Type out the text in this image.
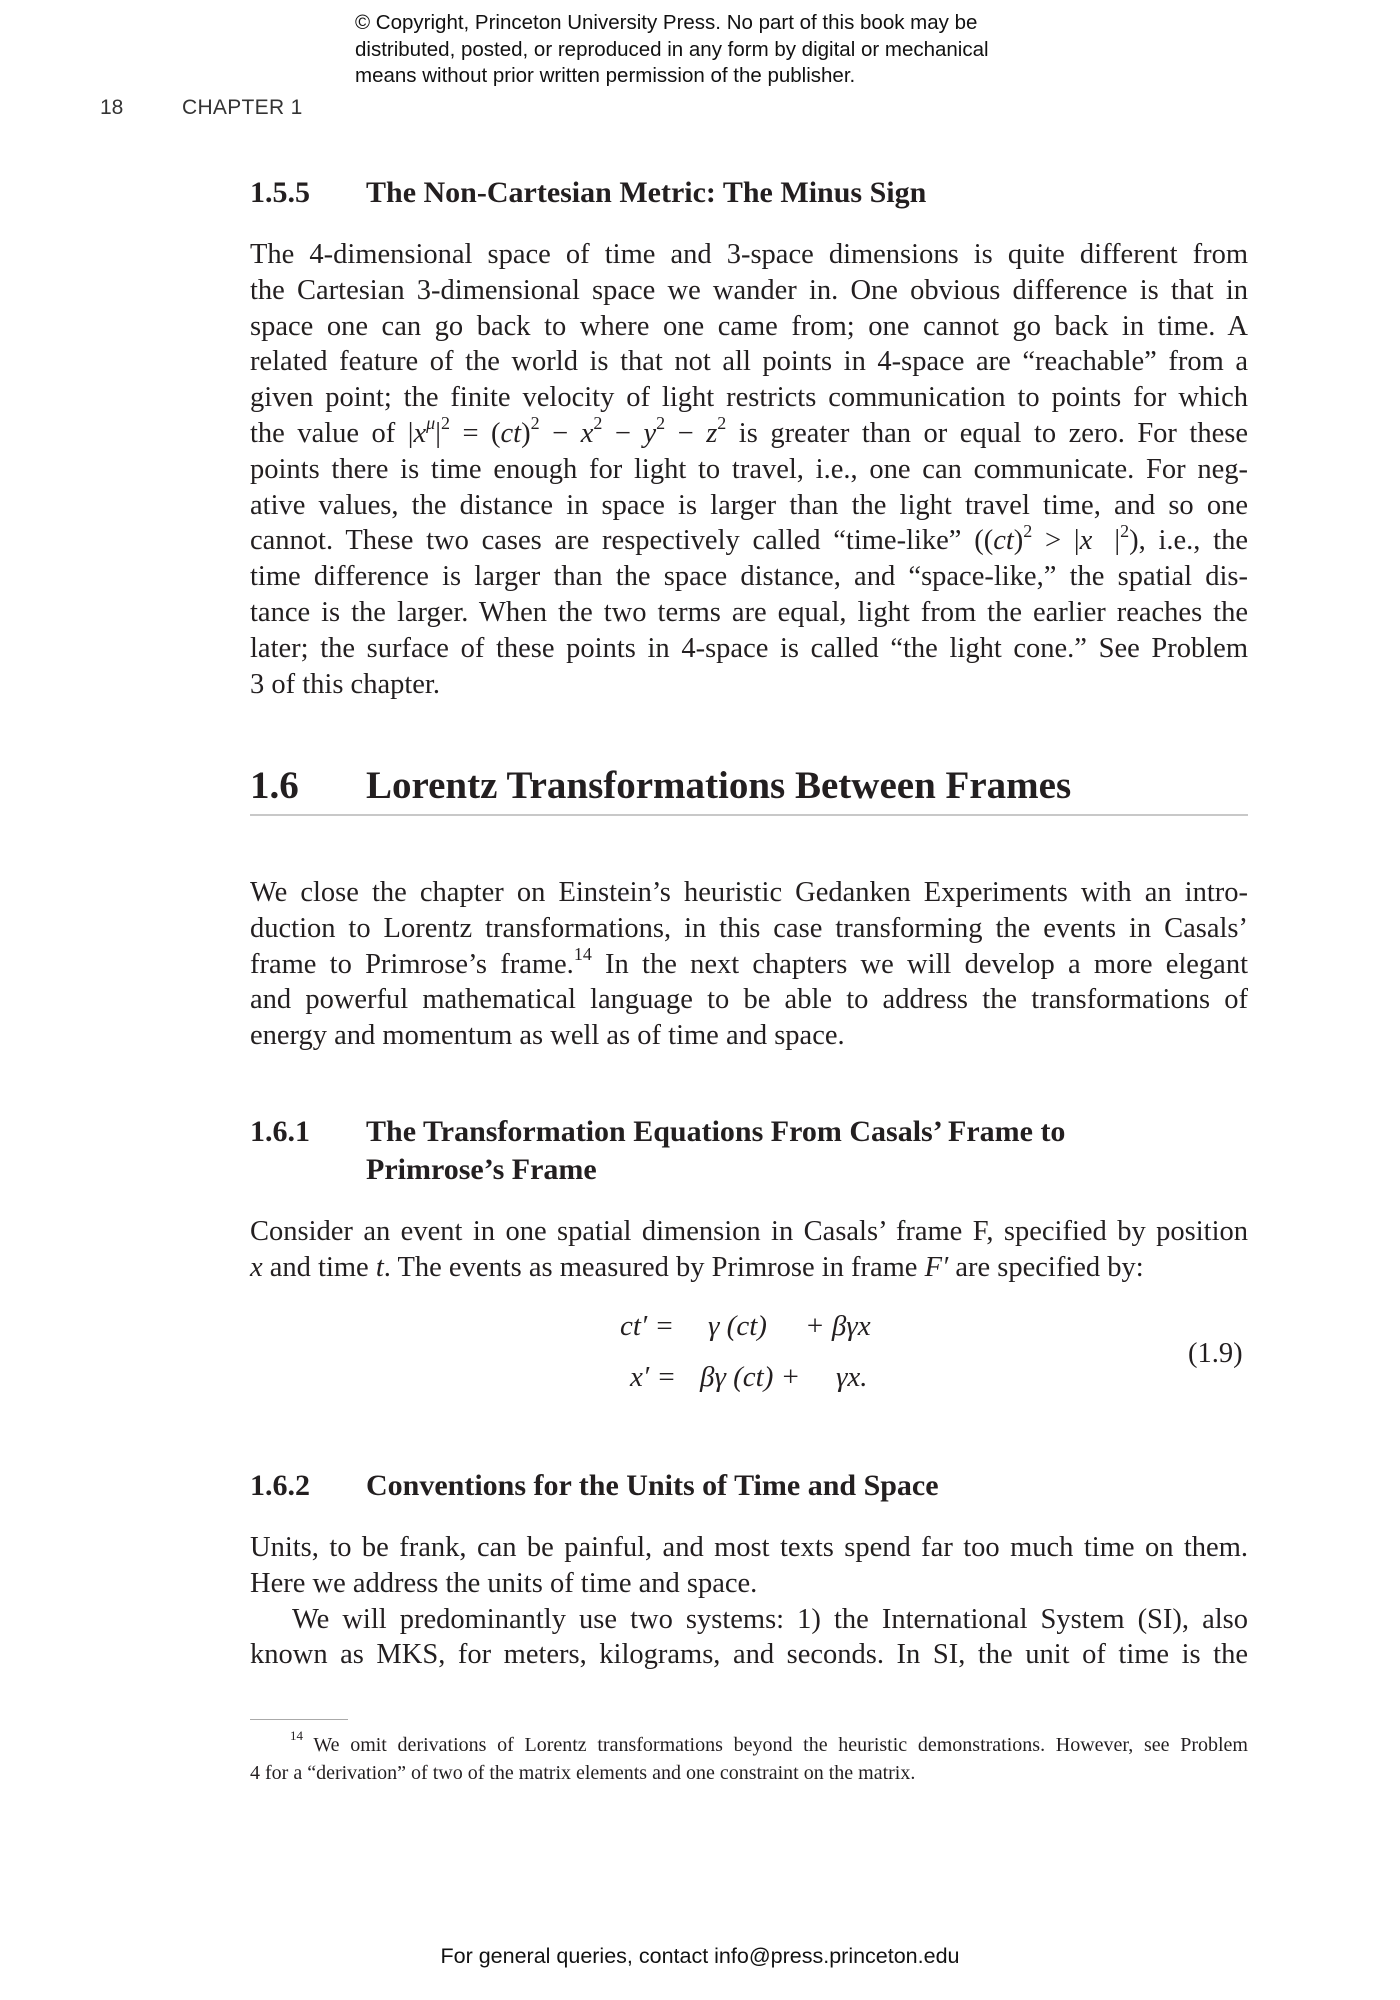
© Copyright, Princeton University Press. No part of this book may be
distributed, posted, or reproduced in any form by digital or mechanical
means without prior written permission of the publisher.
18	CHAPTER 1
1.5.5 The Non-Cartesian Metric: The Minus Sign
The 4-dimensional space of time and 3-space dimensions is quite different from
the Cartesian 3-dimensional space we wander in. One obvious difference is that in
space one can go back to where one came from; one cannot go back in time. A
related feature of the world is that not all points in 4-space are “reachable” from a
given point; the finite velocity of light restricts communication to points for which
the value of $|x^\mu|^2 = (ct)^2 - x^2 - y^2 - z^2$ is greater than or equal to zero. For these
points there is time enough for light to travel, i.e., one can communicate. For neg-
ative values, the distance in space is larger than the light travel time, and so one
cannot. These two cases are respectively called “time-like” $((ct)^2 > |x⃗|^2)$, i.e., the
time difference is larger than the space distance, and “space-like,” the spatial dis-
tance is the larger. When the two terms are equal, light from the earlier reaches the
later; the surface of these points in 4-space is called “the light cone.” See Problem
3 of this chapter.
1.6 Lorentz Transformations Between Frames
We close the chapter on Einstein’s heuristic Gedanken Experiments with an intro-
duction to Lorentz transformations, in this case transforming the events in Casals’
frame to Primrose’s frame.$^{14}$ In the next chapters we will develop a more elegant
and powerful mathematical language to be able to address the transformations of
energy and momentum as well as of time and space.
1.6.1 The Transformation Equations From Casals’ Frame to
Primrose’s Frame
Consider an event in one spatial dimension in Casals’ frame F, specified by position
x and time t. The events as measured by Primrose in frame F′ are specified by:
ct′ = γ (ct) + βγx
x′ = βγ (ct) + γx.
(1.9)
1.6.2 Conventions for the Units of Time and Space
Units, to be frank, can be painful, and most texts spend far too much time on them.
Here we address the units of time and space.
We will predominantly use two systems: 1) the International System (SI), also
known as MKS, for meters, kilograms, and seconds. In SI, the unit of time is the
$^{14}$ We omit derivations of Lorentz transformations beyond the heuristic demonstrations. However, see Problem
4 for a “derivation” of two of the matrix elements and one constraint on the matrix.
For general queries, contact info@press.princeton.edu
